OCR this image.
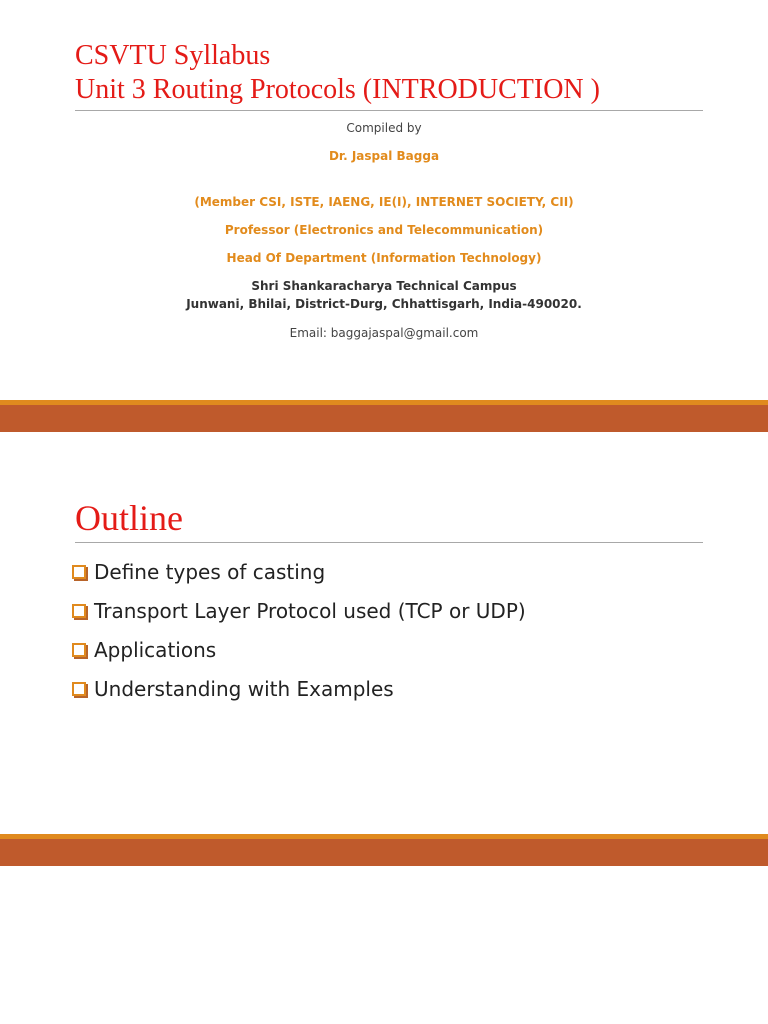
CSVTU Syllabus
Unit 3 Routing Protocols (INTRODUCTION )
Compiled by
Dr. Jaspal Bagga
(Member CSI, ISTE, IAENG, IE(I), INTERNET SOCIETY, CII)
Professor (Electronics and Telecommunication)
Head Of Department (Information Technology)
Shri Shankaracharya Technical Campus
Junwani, Bhilai, District-Durg, Chhattisgarh, India-490020.
Email: baggajaspal@gmail.com
Outline
Define types of casting
Transport Layer Protocol used (TCP or UDP)
Applications
Understanding with Examples
